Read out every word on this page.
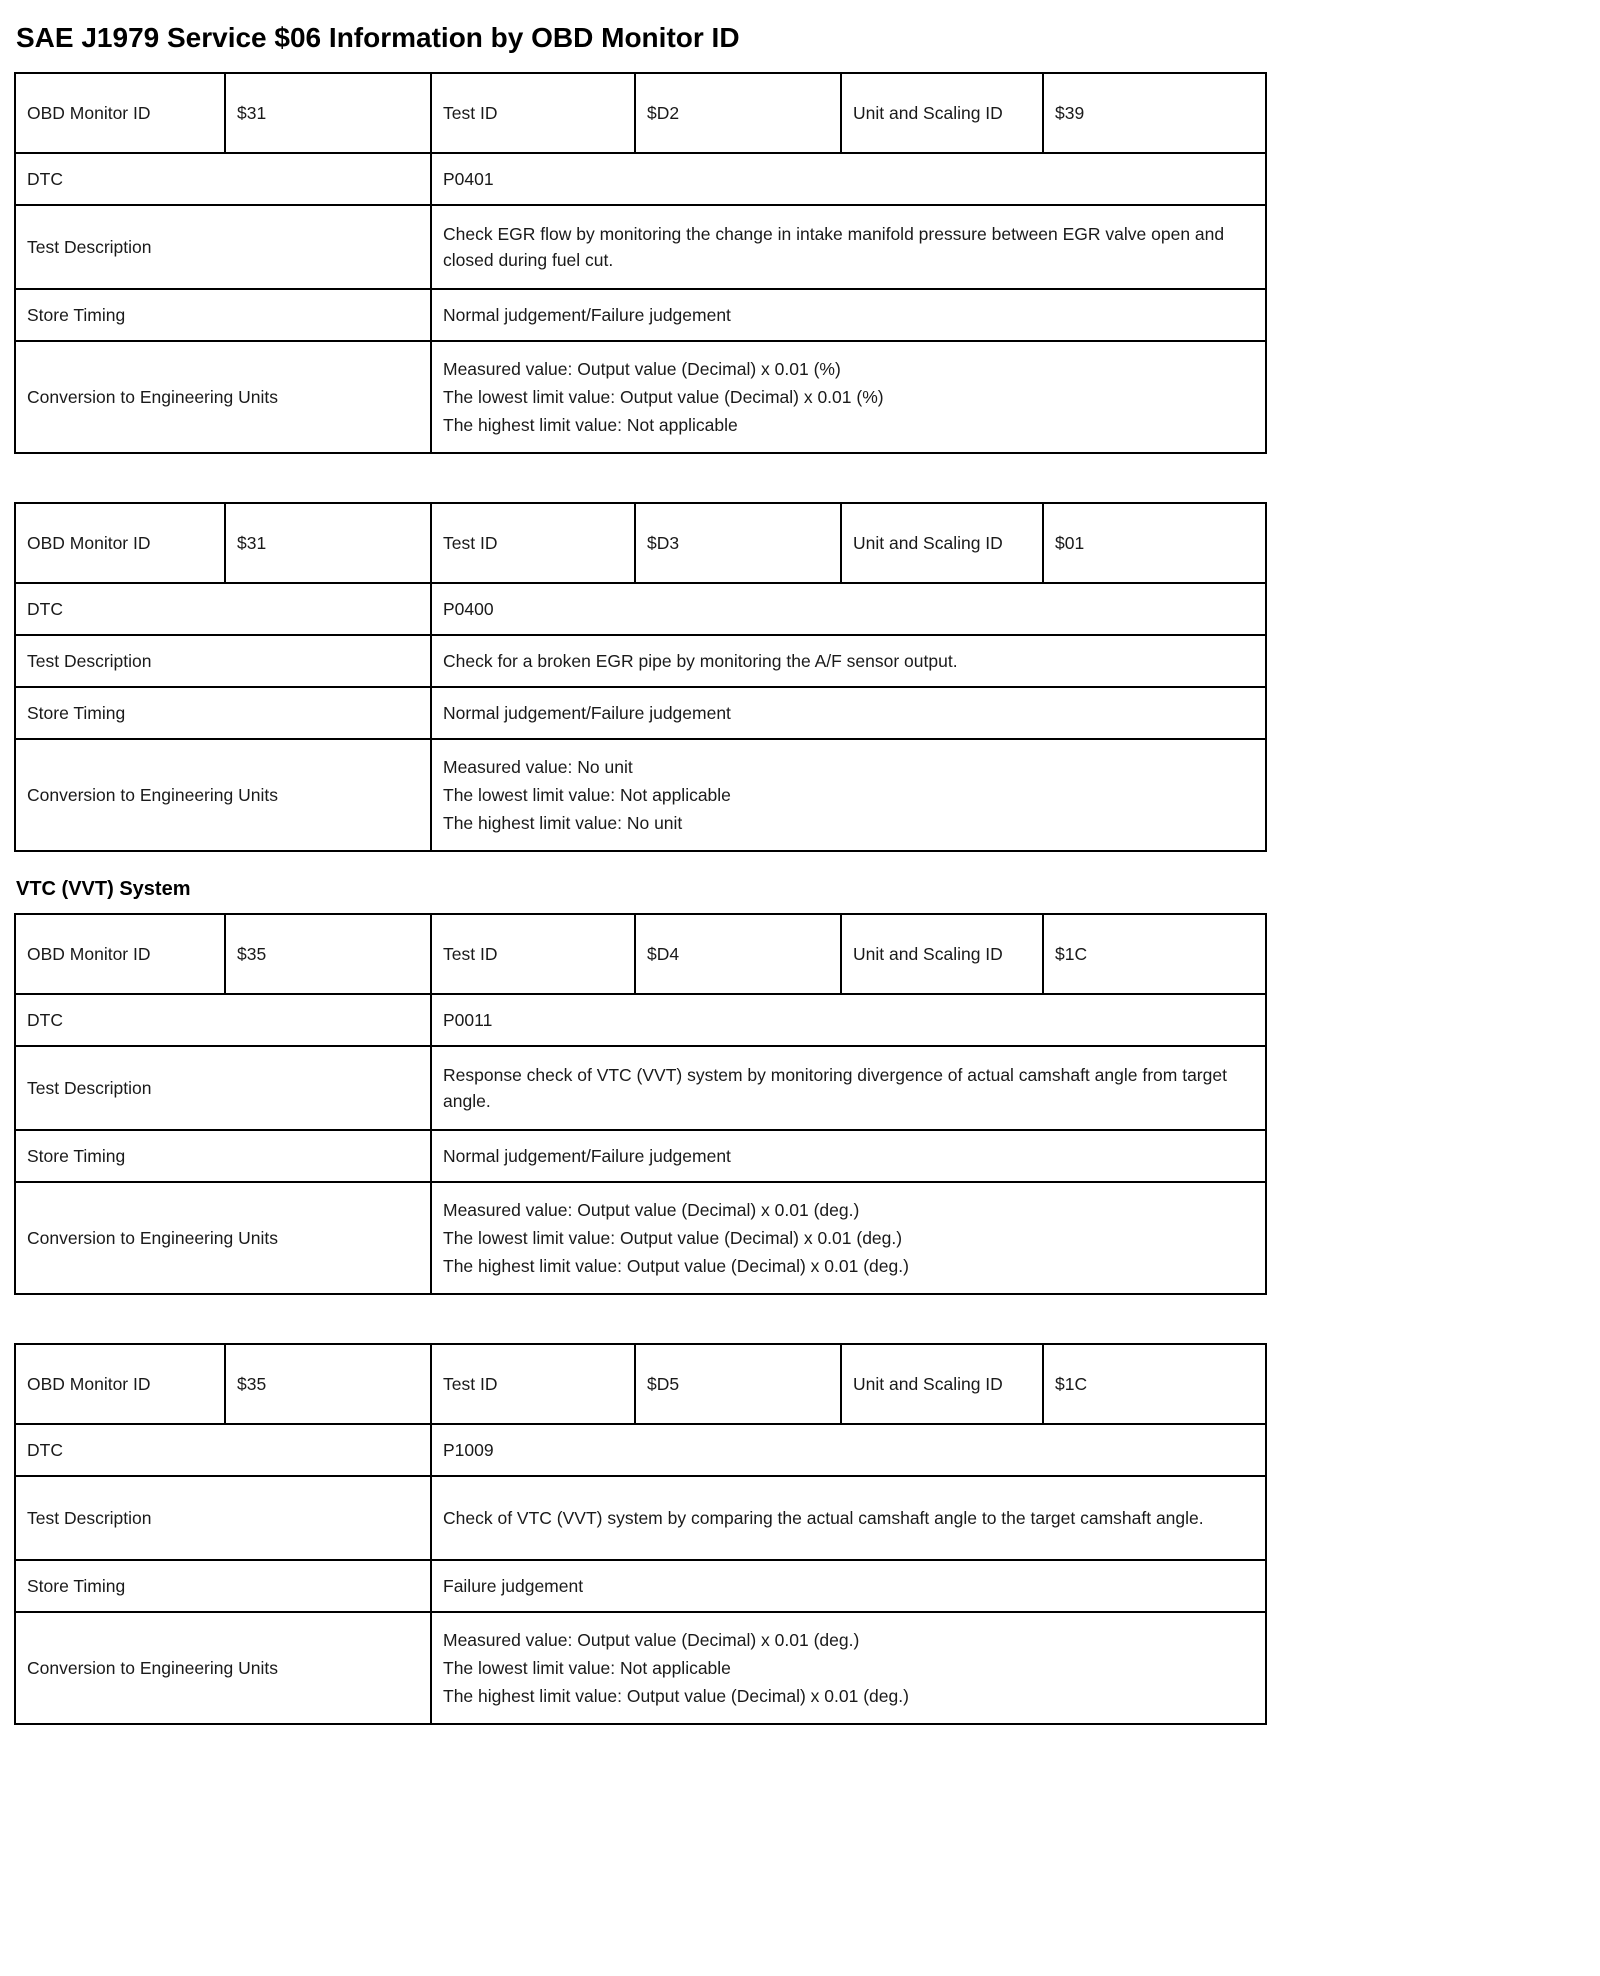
SAE J1979 Service $06 Information by OBD Monitor ID
OBD Monitor ID	$31	Test ID	$D2	Unit and Scaling ID	$39
DTC		P0401			
Test Description		Check EGR flow by monitoring the change in intake manifold pressure between EGR valve open and closed during fuel cut.			
Store Timing		Normal judgement/Failure judgement			
Conversion to Engineering Units		Measured value: Output value (Decimal) x 0.01 (%)
The lowest limit value: Output value (Decimal) x 0.01 (%)
The highest limit value: Not applicable			
OBD Monitor ID	$31	Test ID	$D3	Unit and Scaling ID	$01
DTC		P0400			
Test Description		Check for a broken EGR pipe by monitoring the A/F sensor output.			
Store Timing		Normal judgement/Failure judgement			
Conversion to Engineering Units		Measured value: No unit
The lowest limit value: Not applicable
The highest limit value: No unit			
VTC (VVT) System
OBD Monitor ID	$35	Test ID	$D4	Unit and Scaling ID	$1C
DTC		P0011			
Test Description		Response check of VTC (VVT) system by monitoring divergence of actual camshaft angle from target angle.			
Store Timing		Normal judgement/Failure judgement			
Conversion to Engineering Units		Measured value: Output value (Decimal) x 0.01 (deg.)
The lowest limit value: Output value (Decimal) x 0.01 (deg.)
The highest limit value: Output value (Decimal) x 0.01 (deg.)			
OBD Monitor ID	$35	Test ID	$D5	Unit and Scaling ID	$1C
DTC		P1009			
Test Description		Check of VTC (VVT) system by comparing the actual camshaft angle to the target camshaft angle.			
Store Timing		Failure judgement			
Conversion to Engineering Units		Measured value: Output value (Decimal) x 0.01 (deg.)
The lowest limit value: Not applicable
The highest limit value: Output value (Decimal) x 0.01 (deg.)			
